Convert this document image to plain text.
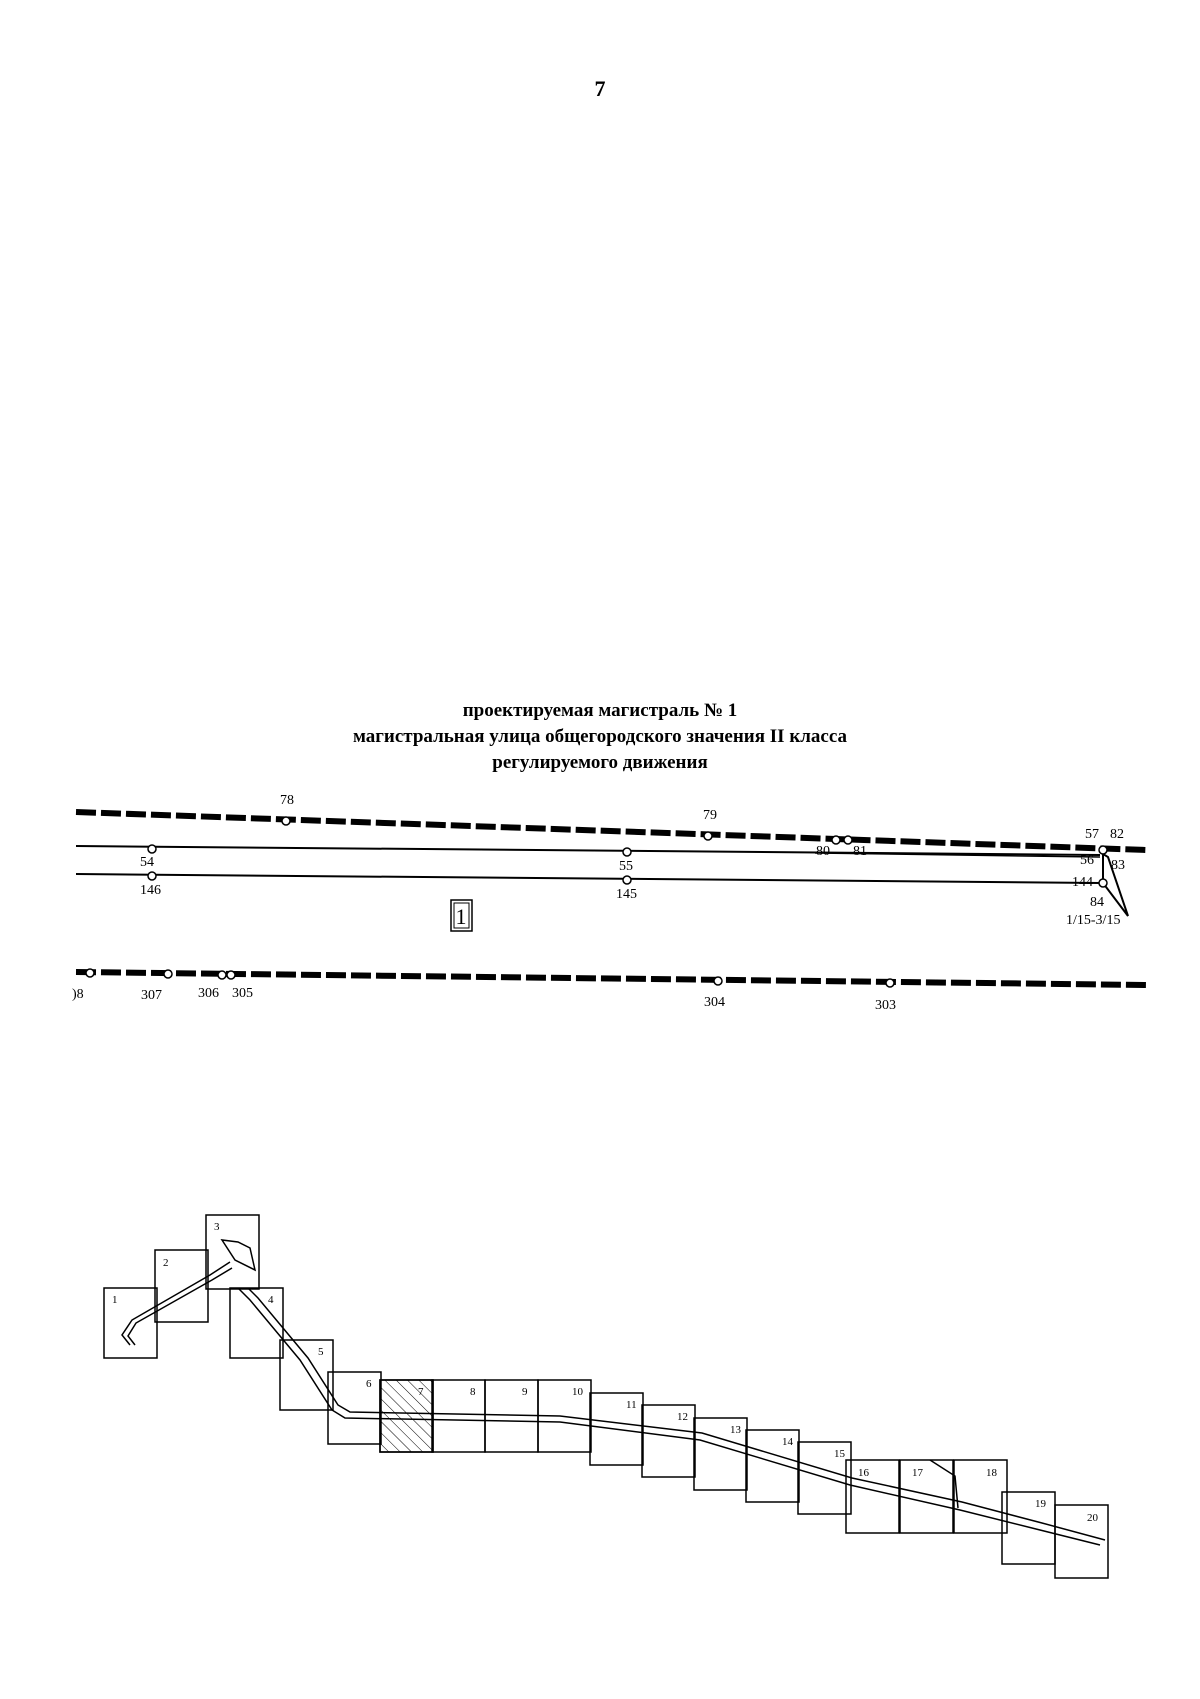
7
проектируемая магистраль № 1
магистральная улица общегородского значения II класса
регулируемого движения
78
79
80 81
57 82
54	55	56 83
146	145
144
84
1/15-3/15
)8	307	306 305
304	303
1
1
2
3
4
5
6
7	8	9	10
11
12
13
14
15
16	17	18
19
20
